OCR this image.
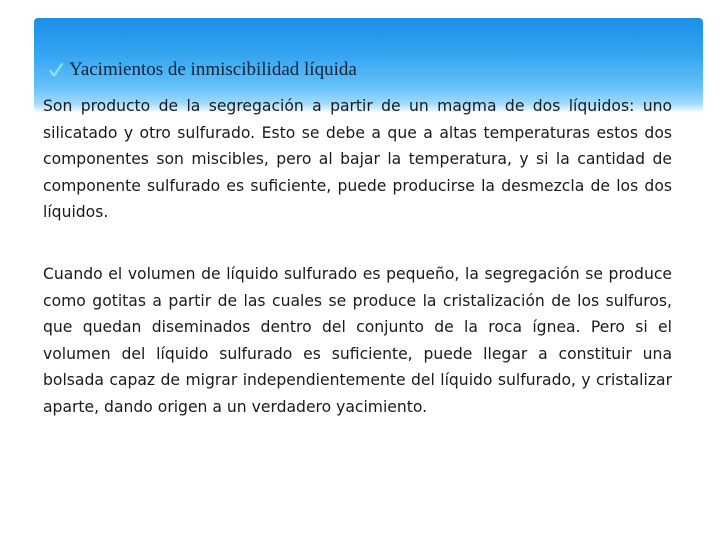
Yacimientos de inmiscibilidad líquida

Son producto de la segregación a partir de un magma de dos líquidos: uno silicatado y otro sulfurado. Esto se debe a que a altas temperaturas estos dos componentes son miscibles, pero al bajar la temperatura, y si la cantidad de componente sulfurado es suficiente, puede producirse la desmezcla de los dos líquidos.

Cuando el volumen de líquido sulfurado es pequeño, la segregación se produce como gotitas a partir de las cuales se produce la cristalización de los sulfuros, que quedan diseminados dentro del conjunto de la roca ígnea. Pero si el volumen del líquido sulfurado es suficiente, puede llegar a constituir una bolsada capaz de migrar independientemente del líquido sulfurado, y cristalizar aparte, dando origen a un verdadero yacimiento.
